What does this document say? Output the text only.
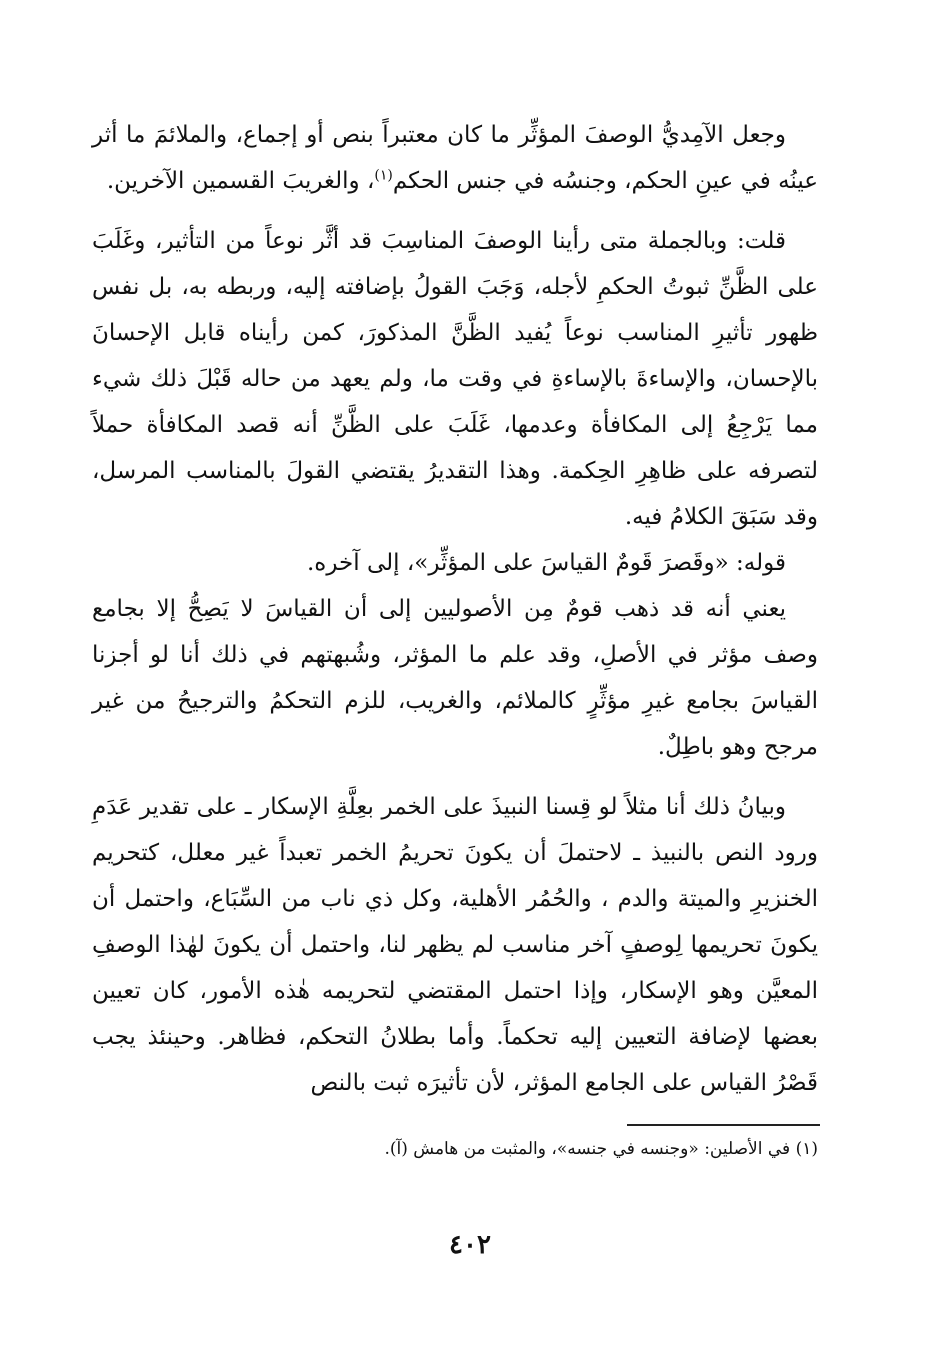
وجعل الآمِديُّ الوصفَ المؤثِّر ما كان معتبراً بنص أو إجماع، والملائمَ ما أثر عينُه في عينِ الحكم، وجنسُه في جنس الحكم$^{(١)}$، والغريبَ القسمين الآخرين.

قلت: وبالجملة متى رأينا الوصفَ المناسِبَ قد أثَّر نوعاً من التأثير، وغَلَبَ على الظَّنِّ ثبوتُ الحكمِ لأجله، وَجَبَ القولُ بإضافته إليه، وربطه به، بل نفس ظهور تأثيرِ المناسب نوعاً يُفيد الظَّنَّ المذكورَ، كمن رأيناه قابل الإحسانَ بالإحسان، والإساءةَ بالإساءةِ في وقت ما، ولم يعهد من حاله قَبْلَ ذلك شيء مما يَرْجِعُ إلى المكافأة وعدمها، غَلَبَ على الظَّنِّ أنه قصد المكافأة حملاً لتصرفه على ظاهِرِ الحِكمة. وهذا التقديرُ يقتضي القولَ بالمناسب المرسل، وقد سَبَقَ الكلامُ فيه.

قوله: «وقَصرَ قَومٌ القياسَ على المؤثِّر»، إلى آخره.

يعني أنه قد ذهب قومٌ مِن الأصوليين إلى أن القياسَ لا يَصِحُّ إلا بجامع وصف مؤثر في الأصلِ، وقد علم ما المؤثر، وشُبهتهم في ذلك أنا لو أجزنا القياسَ بجامع غيرِ مؤثِّرٍ كالملائم، والغريب، للزم التحكمُ والترجيحُ من غير مرجح وهو باطِلٌ.

وبيانُ ذلك أنا مثلاً لو قِسنا النبيذَ على الخمر بعِلَّةِ الإسكار ـ على تقدير عَدَمِ ورود النص بالنبيذ ـ لاحتملَ أن يكونَ تحريمُ الخمر تعبداً غير معلل، كتحريم الخنزيرِ والميتة والدم ، والحُمُر الأهلية، وكل ذي ناب من السِّبَاع، واحتمل أن يكونَ تحريمها لِوصفٍ آخر مناسب لم يظهر لنا، واحتمل أن يكونَ لهٰذا الوصفِ المعيَّن وهو الإسكار، وإذا احتمل المقتضي لتحريمه هٰذه الأمور، كان تعيين بعضها لإضافة التعيين إليه تحكماً. وأما بطلانُ التحكم، فظاهر. وحينئذ يجب قَصْرُ القياس على الجامع المؤثر، لأن تأثيرَه ثبت بالنص

(١) في الأصلين: «وجنسه في جنسه»، والمثبت من هامش (آ).
٤٠٢
